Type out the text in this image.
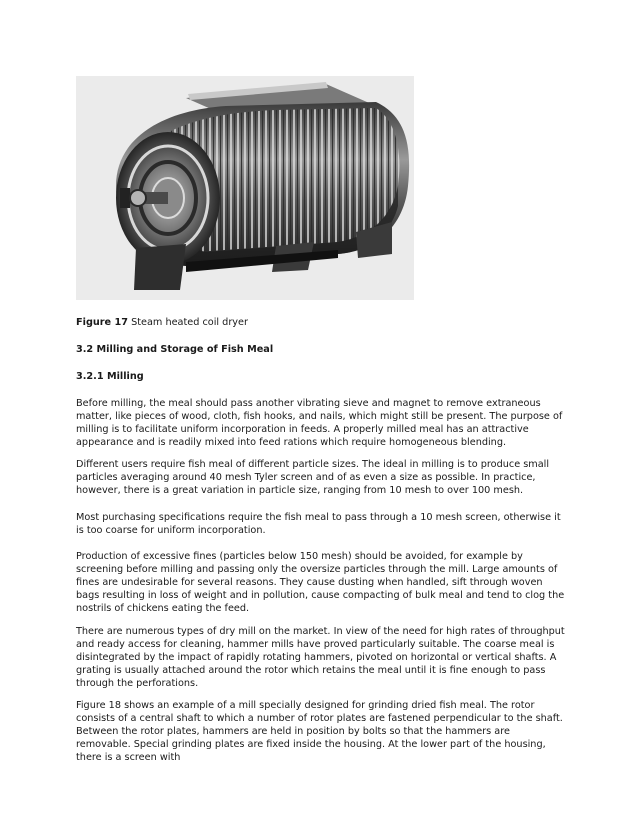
Figure 17 Steam heated coil dryer
3.2 Milling and Storage of Fish Meal
3.2.1 Milling

Before milling, the meal should pass another vibrating sieve and magnet to remove extraneous matter, like pieces of wood, cloth, fish hooks, and nails, which might still be present. The purpose of milling is to facilitate uniform incorporation in feeds. A properly milled meal has an attractive appearance and is readily mixed into feed rations which require homogeneous blending.

Different users require fish meal of different particle sizes. The ideal in milling is to produce small particles averaging around 40 mesh Tyler screen and of as even a size as possible. In practice, however, there is a great variation in particle size, ranging from 10 mesh to over 100 mesh.

Most purchasing specifications require the fish meal to pass through a 10 mesh screen, otherwise it is too coarse for uniform incorporation.

Production of excessive fines (particles below 150 mesh) should be avoided, for example by screening before milling and passing only the oversize particles through the mill. Large amounts of fines are undesirable for several reasons. They cause dusting when handled, sift through woven bags resulting in loss of weight and in pollution, cause compacting of bulk meal and tend to clog the nostrils of chickens eating the feed.

There are numerous types of dry mill on the market. In view of the need for high rates of throughput and ready access for cleaning, hammer mills have proved particularly suitable. The coarse meal is disintegrated by the impact of rapidly rotating hammers, pivoted on horizontal or vertical shafts. A grating is usually attached around the rotor which retains the meal until it is fine enough to pass through the perforations.

Figure 18 shows an example of a mill specially designed for grinding dried fish meal. The rotor consists of a central shaft to which a number of rotor plates are fastened perpendicular to the shaft. Between the rotor plates, hammers are held in position by bolts so that the hammers are removable. Special grinding plates are fixed inside the housing. At the lower part of the housing, there is a screen with
